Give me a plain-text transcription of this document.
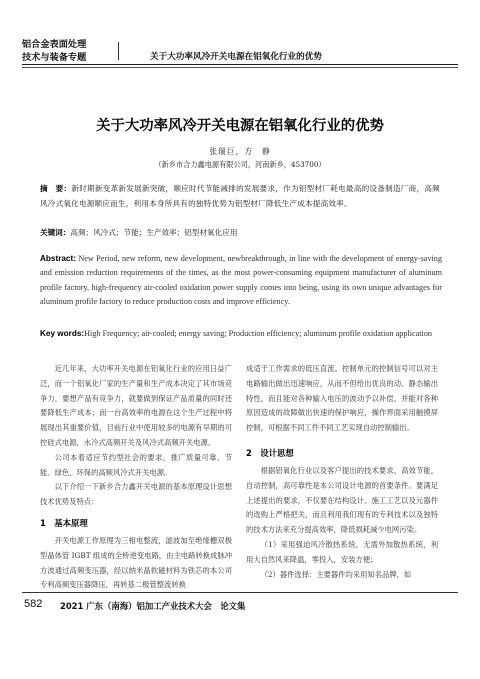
铝合金表面处理
技术与装备专题	关于大功率风冷开关电源在铝氧化行业的优势
关于大功率风冷开关电源在铝氧化行业的优势
张瑞巨，方　静
（新乡市合力鑫电源有限公司，河南新乡，453700）
摘　要：新时期新变革新发展新突破，顺应时代节能减排的发展要求，作为铝型材厂耗电最高的设备制造厂商，高频风冷式氧化电源顺应而生，利用本身所具有的独特优势为铝型材厂降低生产成本提高效率。
关键词：高频；风冷式；节能；生产效率；铝型材氧化应用
Abstract: New Period, new reform, new development, newbreakthrough, in line with the development of energy-saving and emission reduction requirements of the times, as the most power-consuming equipment manufacturer of aluminum profile factory, high-frequency air-cooled oxidation power supply comes into being, using its own unique advantages for aluminum profile factory to reduce production costs and improve efficiency.
Key words:High Frequency; air-cooled; energy saving; Production efficiency; aluminum profile oxidation application

近几年来，大功率开关电源在铝氧化行业的应用日益广泛，而一个铝氧化厂家的生产量和生产成本决定了其市场竞争力，要想产品有竞争力，就要做到保证产品质量的同时还要降低生产成本；而一台高效率的电源在这个生产过程中将展现出其重要价值，目前行业中使用较多的电源有早期的可控硅式电源，水冷式高频开关及风冷式高频开关电源。

公司本着适应节约型社会的要求，推广质量可靠、节能、绿色，环保的高频风冷式开关电源。

以下介绍一下新乡合力鑫开关电源的基本原理设计思想技术优势及特点：

1　基本原理

开关电源工作原理为三相电整流，滤波加至绝缘栅双极型晶体管 IGBT 组成的全桥逆变电路，由主电路转换成脉冲方波通过高频变压器，经以纳米晶软磁材料为铁芯的本公司专利高频变压器降压，再转基二极管整流转换

成适于工作需求的低压直流。控制单元的控制信号可以对主电路输出做出迅速响应，从而不但给出优良的动、静态输出特性，而且能对各种输入电压的波动予以补偿，并能对各种原因造成的故障做出快速的保护响应，操作界面采用触摸屏控制，可根据不同工件不同工艺实现自动控制输出。

2　设计思想

根据铝氧化行业以及客户提出的技术要求，高效节能，自动控制，高可靠性是本公司设计电源的首要条件。要满足上述提出的要求，不仅要在结构设计、施工工艺以及元器件的选购上严格把关，而且利用我们现有的专利技术以及独特的技术方法来充分提高效率，降低损耗减少电网污染。

（1）采用强迫风冷散热系统，无需外加散热系统，利用大自然风来降温，零投入，安装方便；

（2）器件选择：主要器件均采用知名品牌，如

582 2021 广东（南海）铝加工产业技术大会　论文集
